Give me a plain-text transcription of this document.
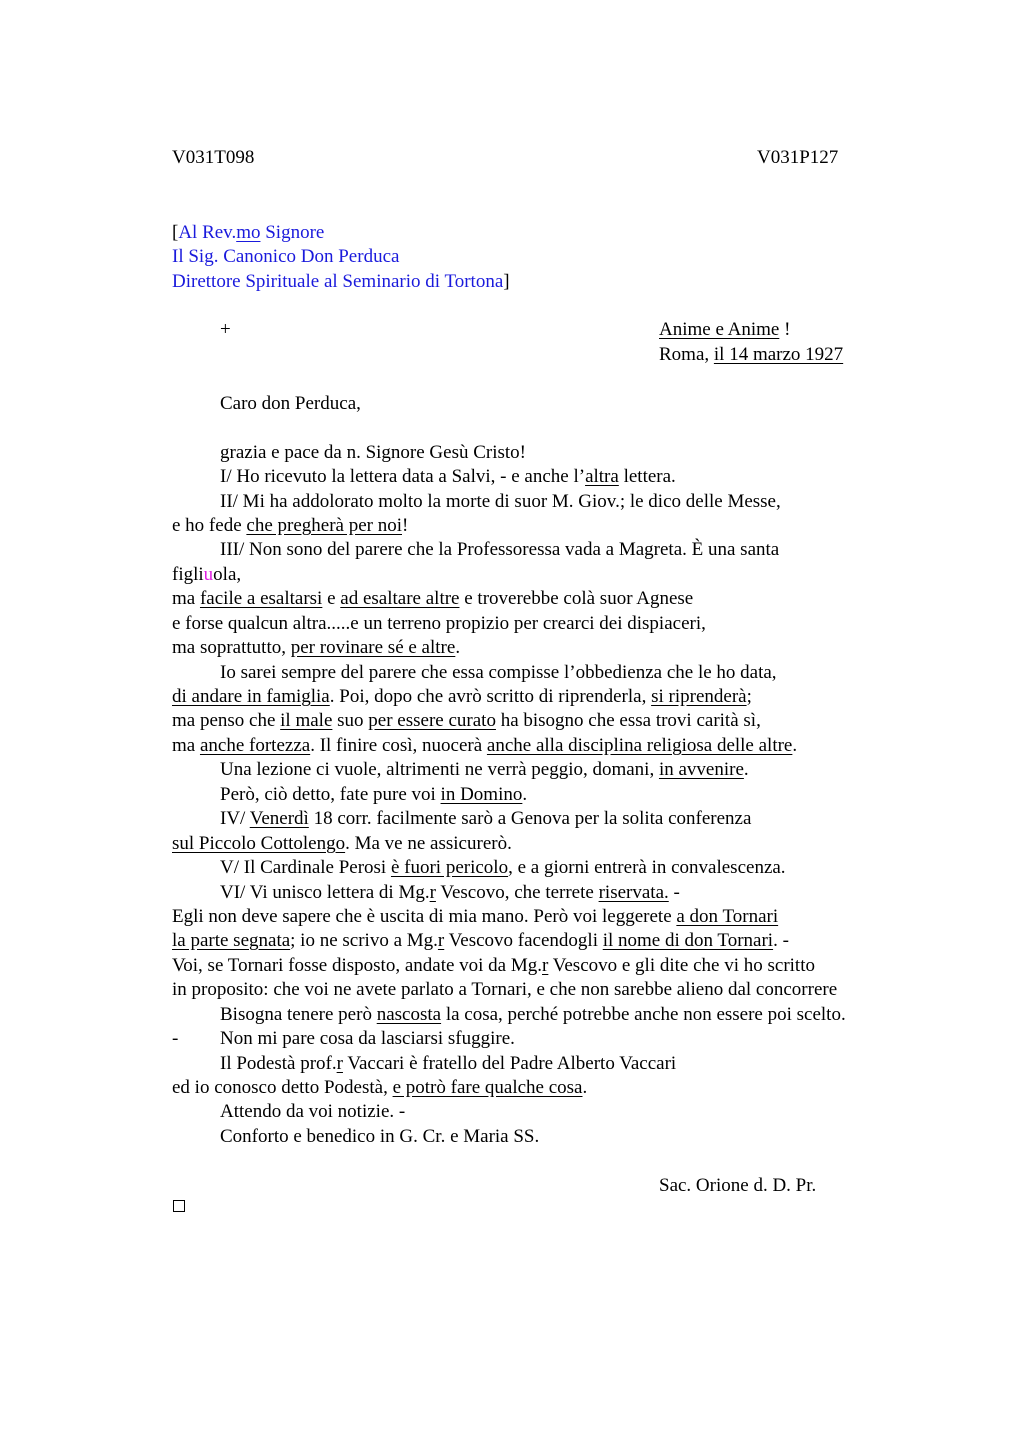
V031T098	V031P127
[Al Rev.mo Signore
Il Sig. Canonico Don Perduca
Direttore Spirituale al Seminario di Tortona]
+	Anime e Anime !
Roma, il 14 marzo 1927
Caro don Perduca,
grazia e pace da n. Signore Gesù Cristo!
I/ Ho ricevuto la lettera data a Salvi, - e anche l’altra lettera.
II/ Mi ha addolorato molto la morte di suor M. Giov.; le dico delle Messe,
e ho fede che pregherà per noi!
III/ Non sono del parere che la Professoressa vada a Magreta. È una santa
figliuola,
ma facile a esaltarsi e ad esaltare altre e troverebbe colà suor Agnese
e forse qualcun altra.....e un terreno propizio per crearci dei dispiaceri,
ma soprattutto, per rovinare sé e altre.
Io sarei sempre del parere che essa compisse l’obbedienza che le ho data,
di andare in famiglia. Poi, dopo che avrò scritto di riprenderla, si riprenderà;
ma penso che il male suo per essere curato ha bisogno che essa trovi carità sì,
ma anche fortezza. Il finire così, nuocerà anche alla disciplina religiosa delle altre.
Una lezione ci vuole, altrimenti ne verrà peggio, domani, in avvenire.
Però, ciò detto, fate pure voi in Domino.
IV/ Venerdì 18 corr. facilmente sarò a Genova per la solita conferenza
sul Piccolo Cottolengo. Ma ve ne assicurerò.
V/ Il Cardinale Perosi è fuori pericolo, e a giorni entrerà in convalescenza.
VI/ Vi unisco lettera di Mg.r Vescovo, che terrete riservata. -
Egli non deve sapere che è uscita di mia mano. Però voi leggerete a don Tornari
la parte segnata; io ne scrivo a Mg.r Vescovo facendogli il nome di don Tornari. -
Voi, se Tornari fosse disposto, andate voi da Mg.r Vescovo e gli dite che vi ho scritto
in proposito: che voi ne avete parlato a Tornari, e che non sarebbe alieno dal concorrere
Bisogna tenere però nascosta la cosa, perché potrebbe anche non essere poi scelto.
- Non mi pare cosa da lasciarsi sfuggire.
Il Podestà prof.r Vaccari è fratello del Padre Alberto Vaccari
ed io conosco detto Podestà, e potrò fare qualche cosa.
Attendo da voi notizie. -
Conforto e benedico in G. Cr. e Maria SS.
Sac. Orione d. D. Pr.
